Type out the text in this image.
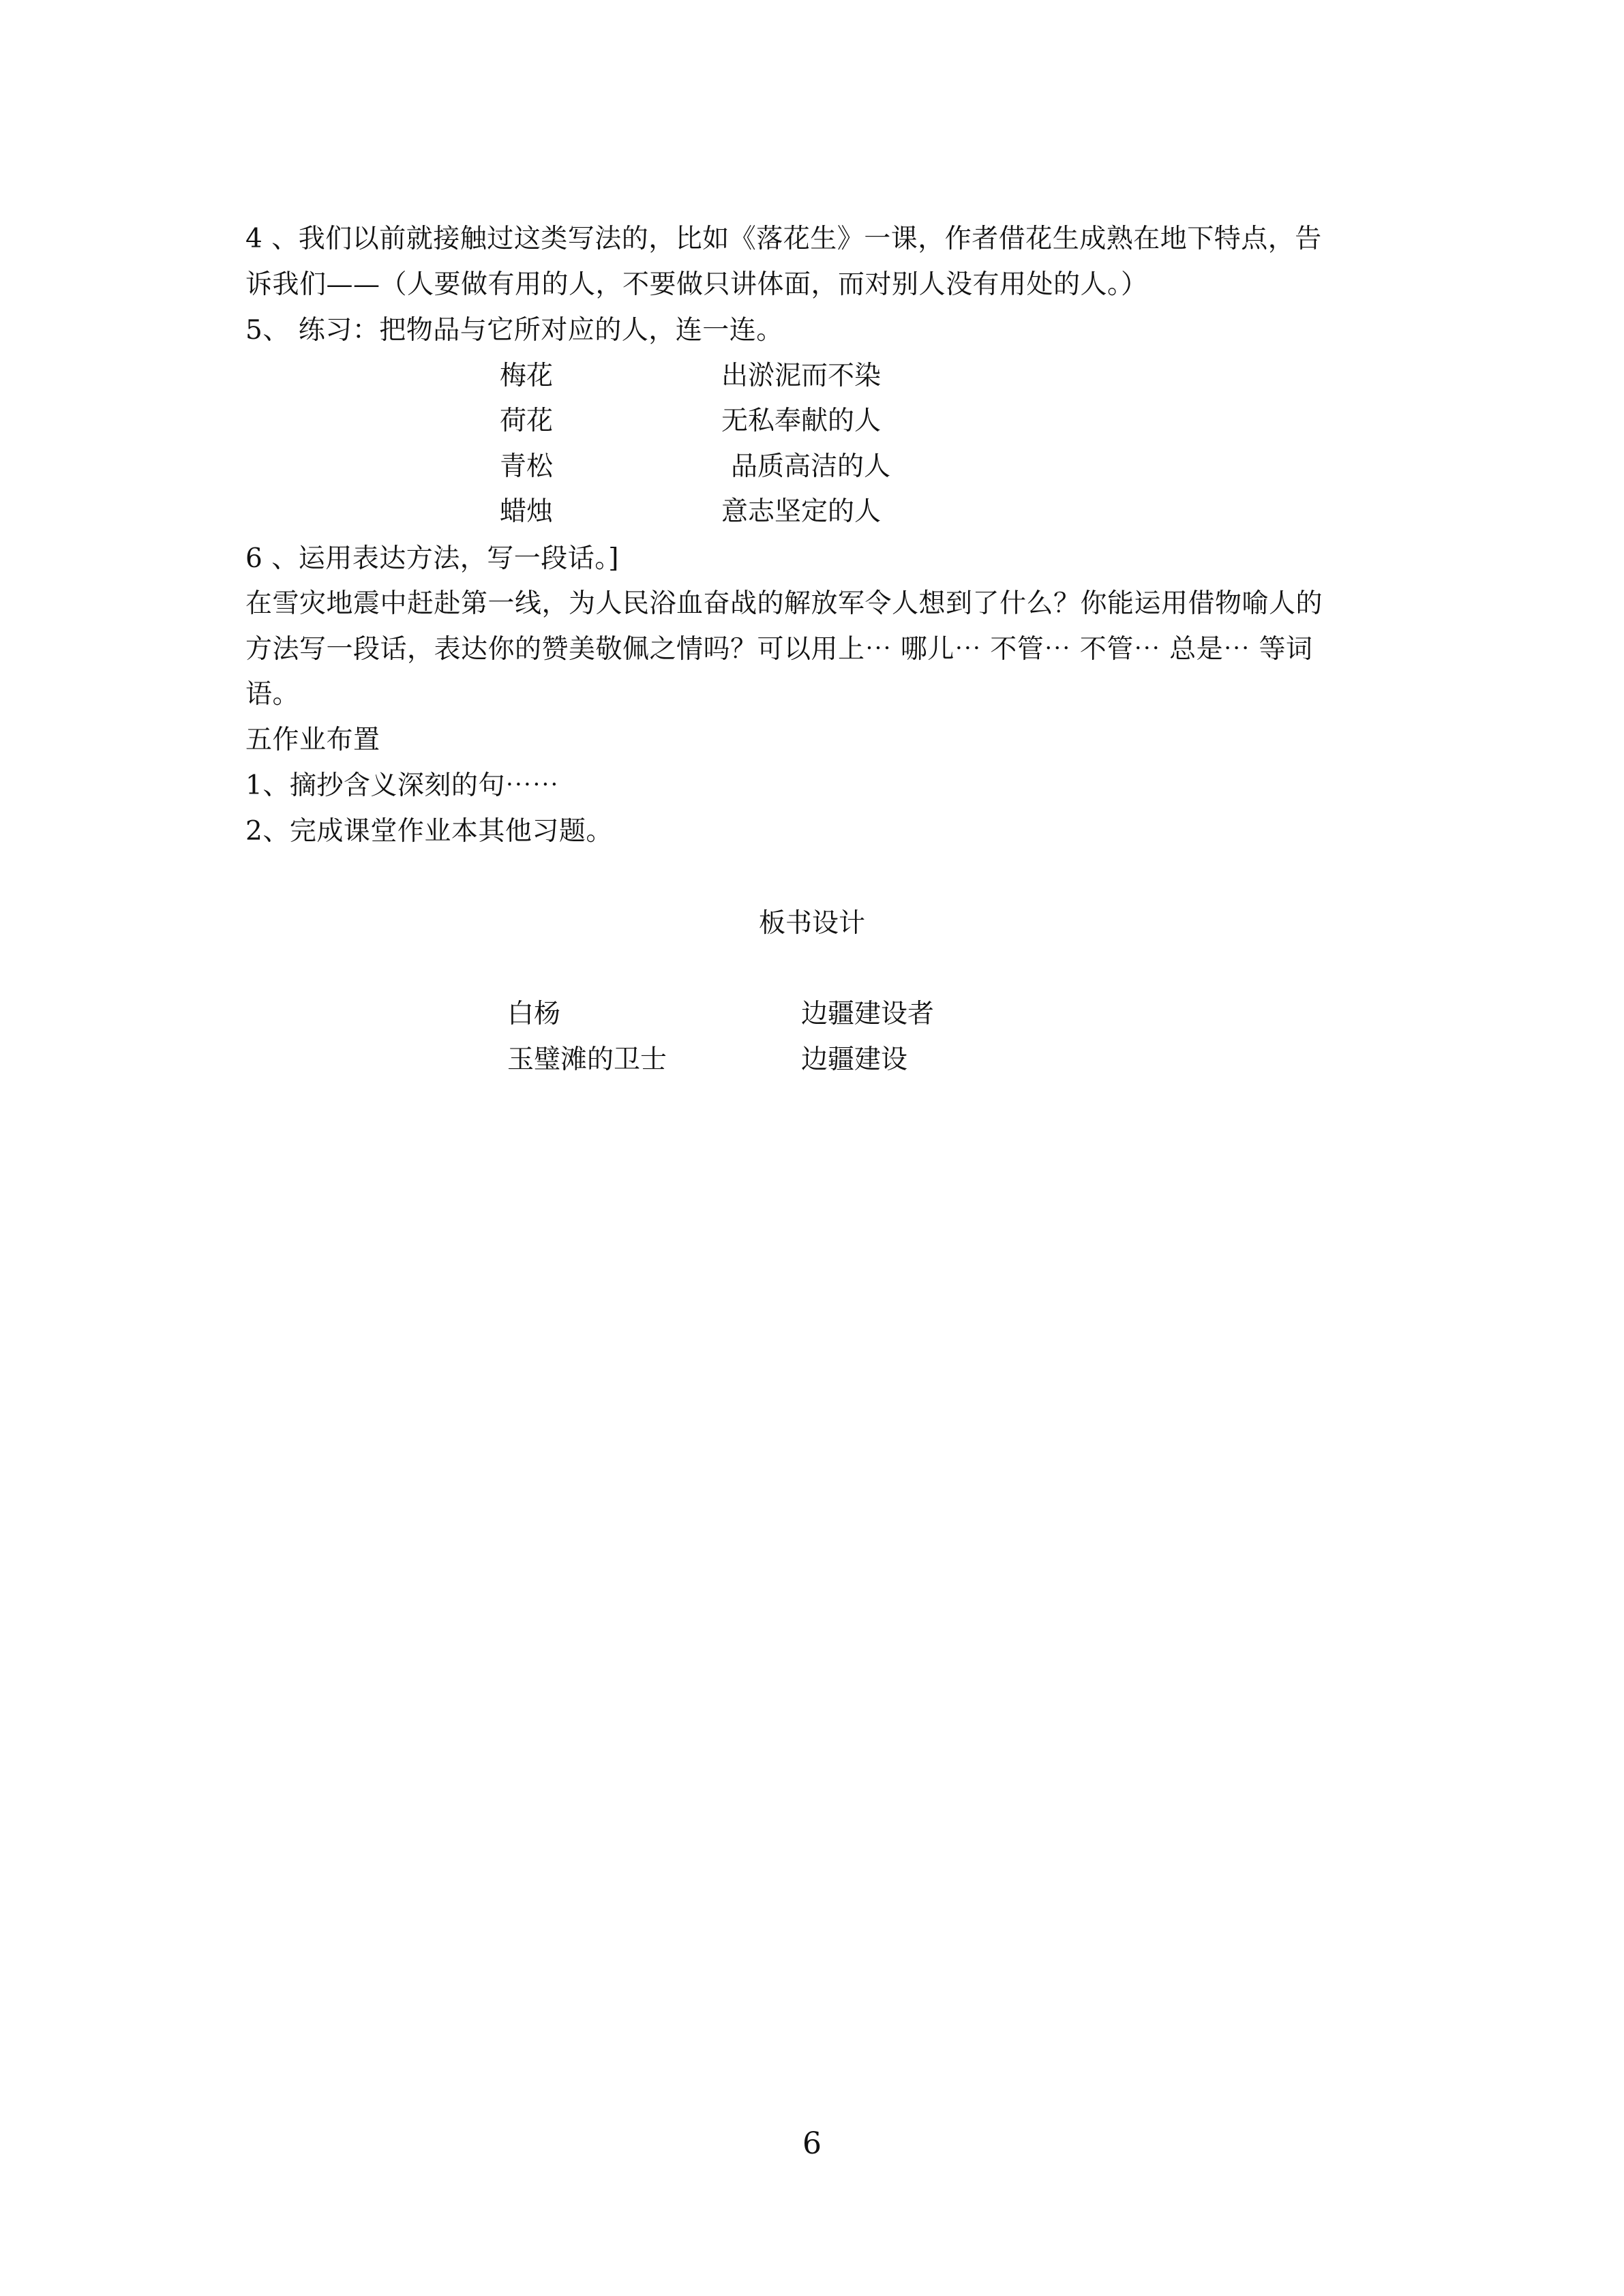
4 、我们以前就接触过这类写法的，比如《落花生》一课，作者借花生成熟在地下特点，告
诉我们——（人要做有用的人，不要做只讲体面，而对别人没有用处的人。）
5、 练习：把物品与它所对应的人，连一连。
梅花	出淤泥而不染
荷花	无私奉献的人
青松	品质高洁的人
蜡烛	意志坚定的人
6 、运用表达方法，写一段话。]
在雪灾地震中赶赴第一线，为人民浴血奋战的解放军令人想到了什么？你能运用借物喻人的
方法写一段话，表达你的赞美敬佩之情吗？可以用上⋯ 哪儿⋯ 不管⋯ 不管⋯ 总是⋯ 等词
语。
五作业布置
1、摘抄含义深刻的句⋯⋯
2、完成课堂作业本其他习题。
板书设计
白杨	边疆建设者
玉璧滩的卫士	边疆建设
6
